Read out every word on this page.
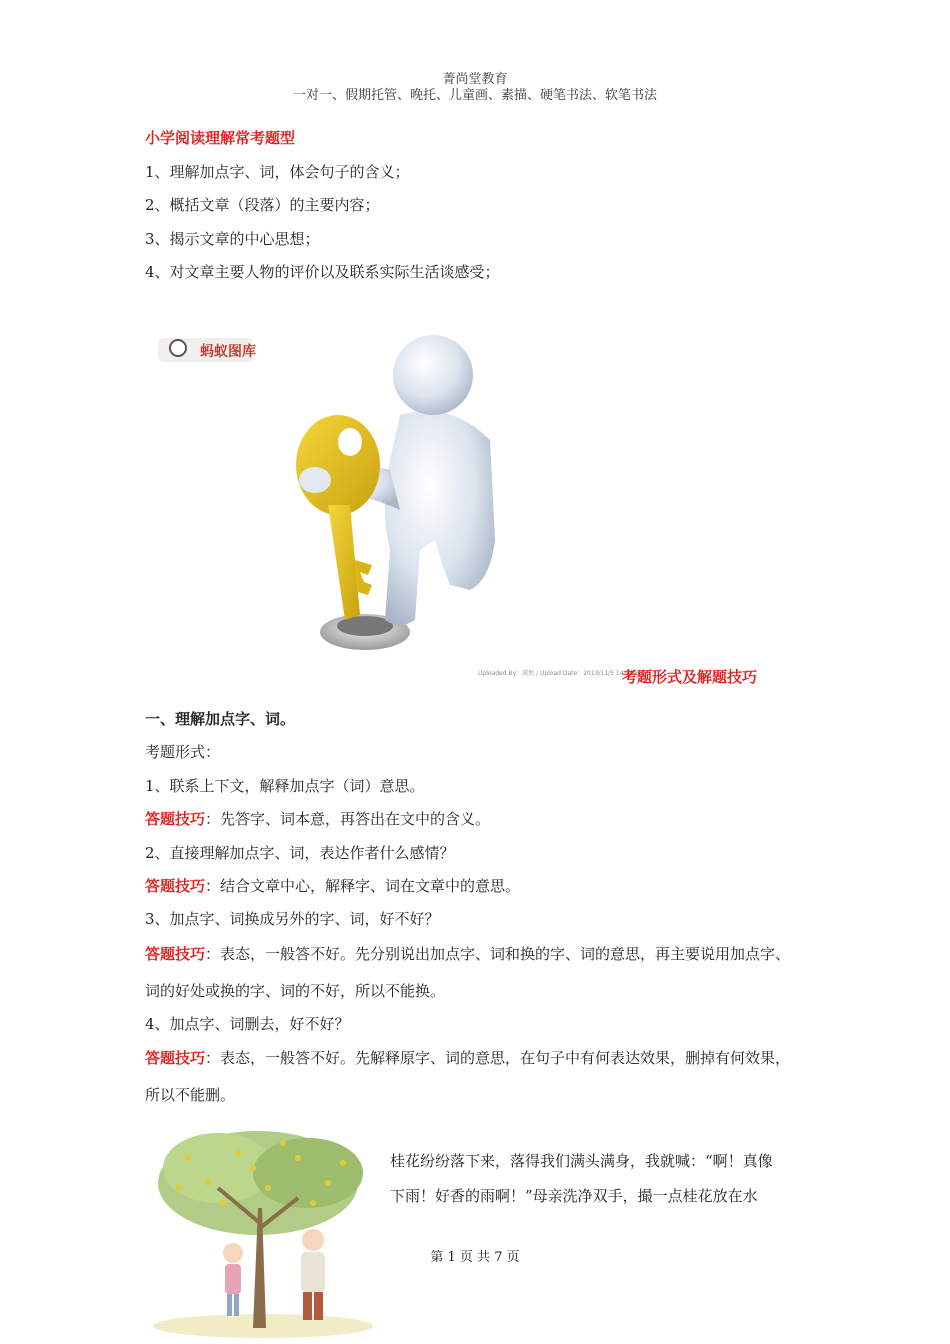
菁尚堂教育
一对一、假期托管、晚托、儿童画、素描、硬笔书法、软笔书法
小学阅读理解常考题型
1、理解加点字、词，体会句子的含义；
2、概括文章（段落）的主要内容；
3、揭示文章的中心思想；
4、对文章主要人物的评价以及联系实际生活谈感受；
蚂蚁图库
Uploaded By：漠然 / Upload Date：2013/11/5 14:19:50
考题形式及解题技巧
一、理解加点字、词。
考题形式：
1、联系上下文，解释加点字（词）意思。
答题技巧：先答字、词本意，再答出在文中的含义。
2、直接理解加点字、词，表达作者什么感情？
答题技巧：结合文章中心，解释字、词在文章中的意思。
3、加点字、词换成另外的字、词，好不好？
答题技巧：表态，一般答不好。先分别说出加点字、词和换的字、词的意思，再主要说用加点字、
词的好处或换的字、词的不好，所以不能换。
4、加点字、词删去，好不好？
答题技巧：表态，一般答不好。先解释原字、词的意思，在句子中有何表达效果，删掉有何效果，
所以不能删。
桂花纷纷落下来，落得我们满头满身，我就喊：“啊！真像
下雨！好香的雨啊！”母亲洗净双手，撮一点桂花放在水
第 1 页 共 7 页
